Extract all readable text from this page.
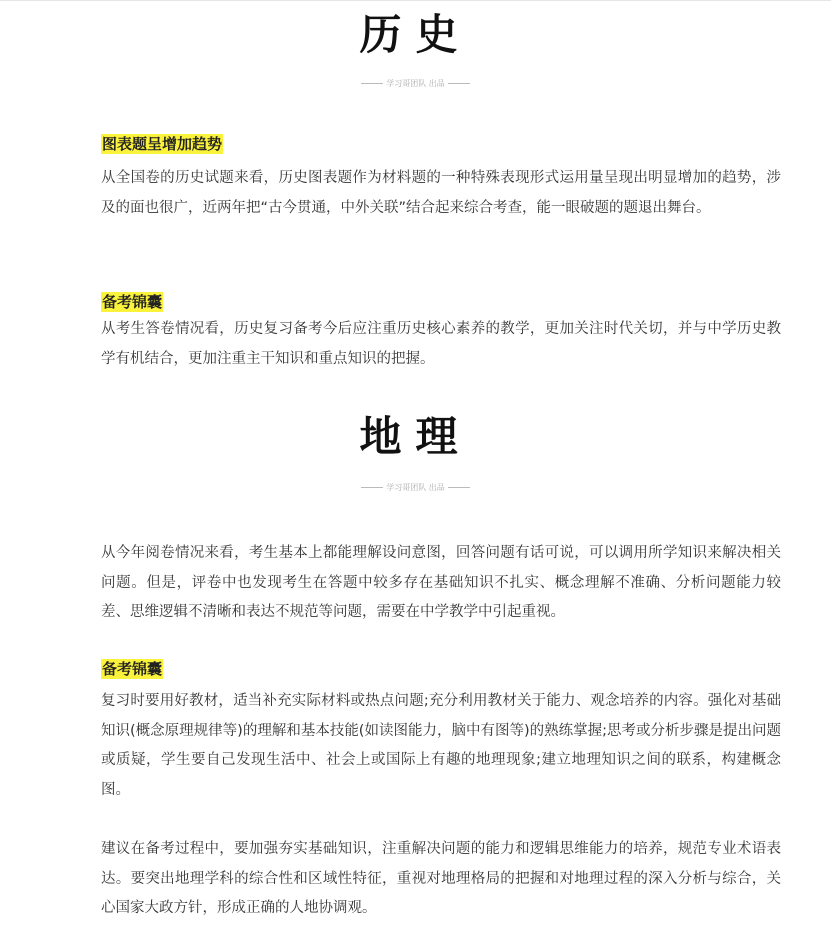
历史
学习哥团队 出品
图表题呈增加趋势

从全国卷的历史试题来看，历史图表题作为材料题的一种特殊表现形式运用量呈现出明显增加的趋势，涉及的面也很广，近两年把“古今贯通，中外关联”结合起来综合考查，能一眼破题的题退出舞台。

备考锦囊

从考生答卷情况看，历史复习备考今后应注重历史核心素养的教学，更加关注时代关切，并与中学历史教学有机结合，更加注重主干知识和重点知识的把握。

地理
学习哥团队 出品

从今年阅卷情况来看，考生基本上都能理解设问意图，回答问题有话可说，可以调用所学知识来解决相关问题。但是，评卷中也发现考生在答题中较多存在基础知识不扎实、概念理解不准确、分析问题能力较差、思维逻辑不清晰和表达不规范等问题，需要在中学教学中引起重视。

备考锦囊

复习时要用好教材，适当补充实际材料或热点问题;充分利用教材关于能力、观念培养的内容。强化对基础知识(概念原理规律等)的理解和基本技能(如读图能力，脑中有图等)的熟练掌握;思考或分析步骤是提出问题或质疑，学生要自己发现生活中、社会上或国际上有趣的地理现象;建立地理知识之间的联系，构建概念图。

建议在备考过程中，要加强夯实基础知识，注重解决问题的能力和逻辑思维能力的培养，规范专业术语表达。要突出地理学科的综合性和区域性特征，重视对地理格局的把握和对地理过程的深入分析与综合，关心国家大政方针，形成正确的人地协调观。
